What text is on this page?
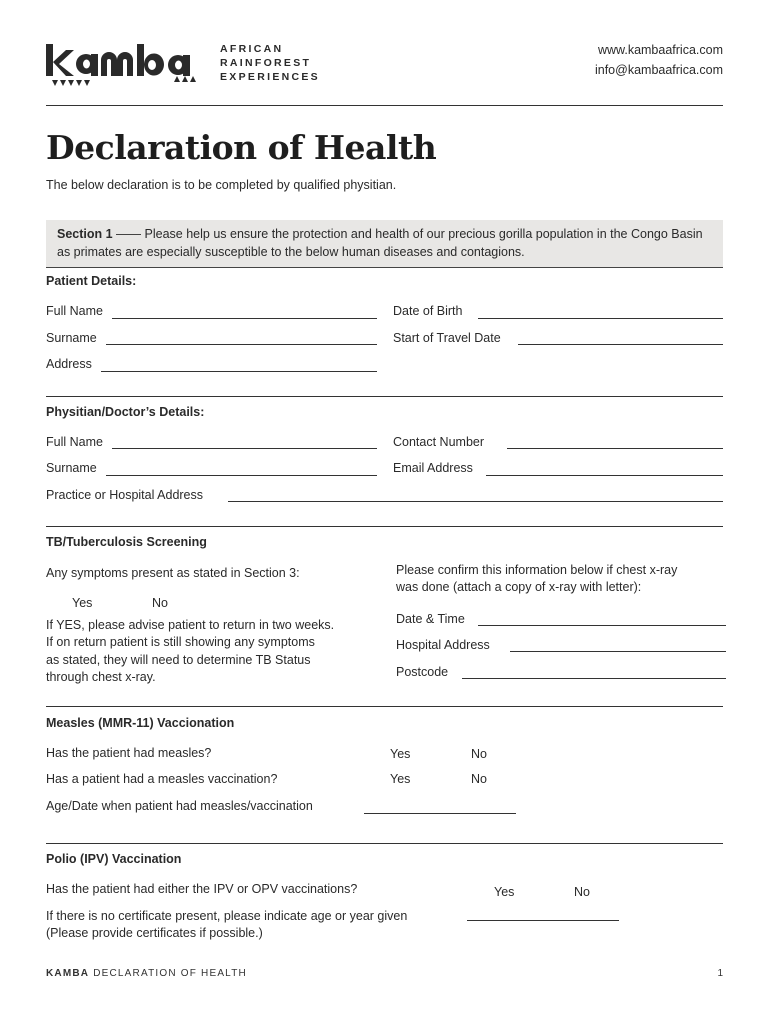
AFRICAN
RAINFOREST
EXPERIENCES
www.kambaafrica.com
info@kambaafrica.com
Declaration of Health
The below declaration is to be completed by qualified physitian.

Section 1 —— Please help us ensure the protection and health of our precious gorilla population in the Congo Basin as primates are especially susceptible to the below human diseases and contagions.

Patient Details:
Full Name	Date of Birth
Surname	Start of Travel Date
Address
Physitian/Doctor’s Details:
Full Name	Contact Number
Surname	Email Address
Practice or Hospital Address
TB/Tuberculosis Screening
Any symptoms present as stated in Section 3:
Yes	No
If YES, please advise patient to return in two weeks.
If on return patient is still showing any symptoms
as stated, they will need to determine TB Status
through chest x-ray.
Please confirm this information below if chest x-ray
was done (attach a copy of x-ray with letter):
Date & Time
Hospital Address
Postcode
Measles (MMR-11) Vaccionation
Has the patient had measles?	Yes	No
Has a patient had a measles vaccination?	Yes	No
Age/Date when patient had measles/vaccination
Polio (IPV) Vaccination
Has the patient had either the IPV or OPV vaccinations?	Yes	No
If there is no certificate present, please indicate age or year given
(Please provide certificates if possible.)
KAMBA DECLARATION OF HEALTH	1
